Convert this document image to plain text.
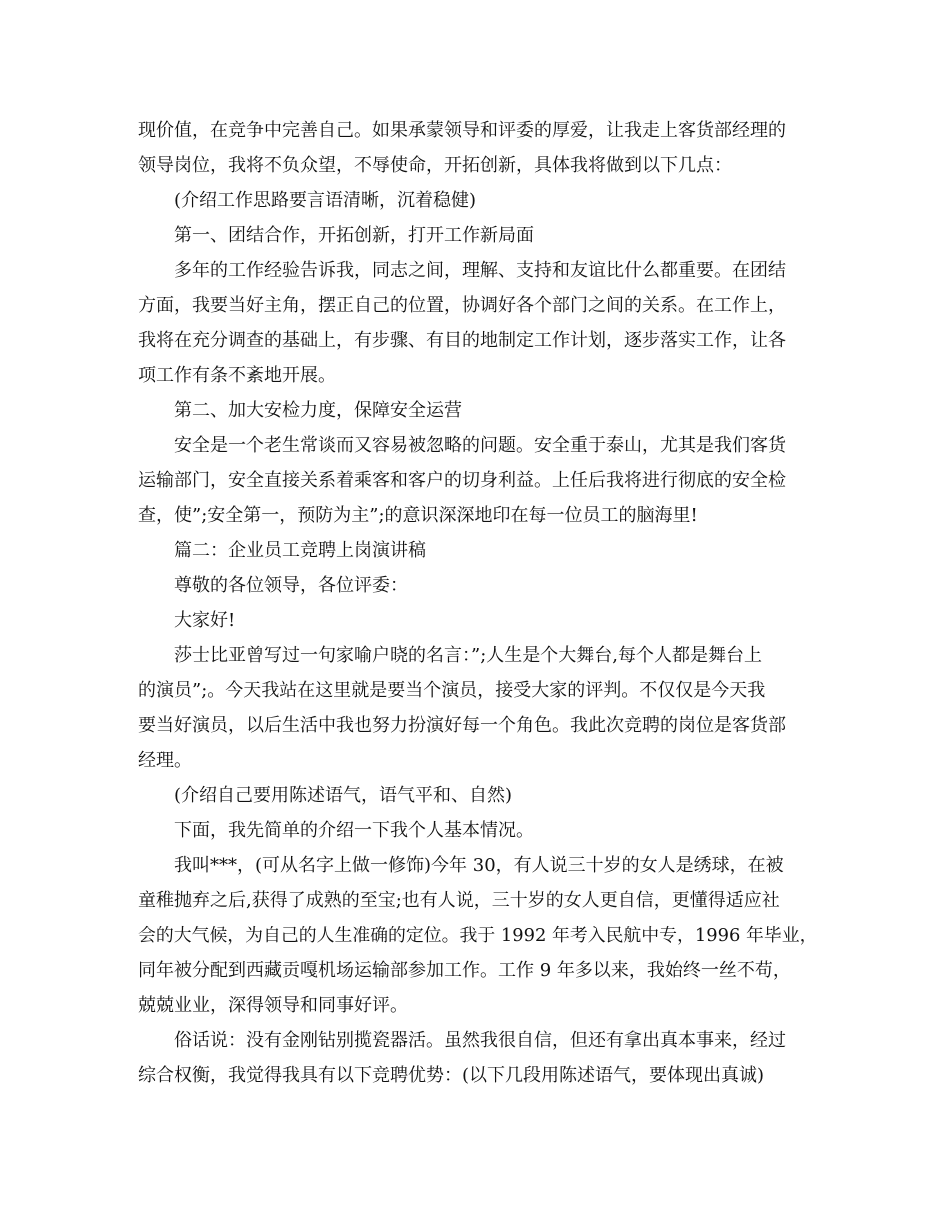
现价值，在竞争中完善自己。如果承蒙领导和评委的厚爱，让我走上客货部经理的
领导岗位，我将不负众望，不辱使命，开拓创新，具体我将做到以下几点：
(介绍工作思路要言语清晰，沉着稳健)
第一、团结合作，开拓创新，打开工作新局面
多年的工作经验告诉我，同志之间，理解、支持和友谊比什么都重要。在团结
方面，我要当好主角，摆正自己的位置，协调好各个部门之间的关系。在工作上，
我将在充分调查的基础上，有步骤、有目的地制定工作计划，逐步落实工作，让各
项工作有条不紊地开展。
第二、加大安检力度，保障安全运营
安全是一个老生常谈而又容易被忽略的问题。安全重于泰山，尤其是我们客货
运输部门，安全直接关系着乘客和客户的切身利益。上任后我将进行彻底的安全检
查，使”;安全第一，预防为主”;的意识深深地印在每一位员工的脑海里!
篇二：企业员工竞聘上岗演讲稿
尊敬的各位领导，各位评委：
大家好!
莎士比亚曾写过一句家喻户晓的名言：”;人生是个大舞台,每个人都是舞台上
的演员”;。今天我站在这里就是要当个演员，接受大家的评判。不仅仅是今天我
要当好演员，以后生活中我也努力扮演好每一个角色。我此次竞聘的岗位是客货部
经理。
(介绍自己要用陈述语气，语气平和、自然)
下面，我先简单的介绍一下我个人基本情况。
我叫***，(可从名字上做一修饰)今年 30，有人说三十岁的女人是绣球，在被
童稚抛弃之后,获得了成熟的至宝;也有人说，三十岁的女人更自信，更懂得适应社
会的大气候，为自己的人生准确的定位。我于 1992 年考入民航中专，1996 年毕业，
同年被分配到西藏贡嘎机场运输部参加工作。工作 9 年多以来，我始终一丝不苟，
兢兢业业，深得领导和同事好评。
俗话说：没有金刚钻别揽瓷器活。虽然我很自信，但还有拿出真本事来，经过
综合权衡，我觉得我具有以下竞聘优势：(以下几段用陈述语气，要体现出真诚)
